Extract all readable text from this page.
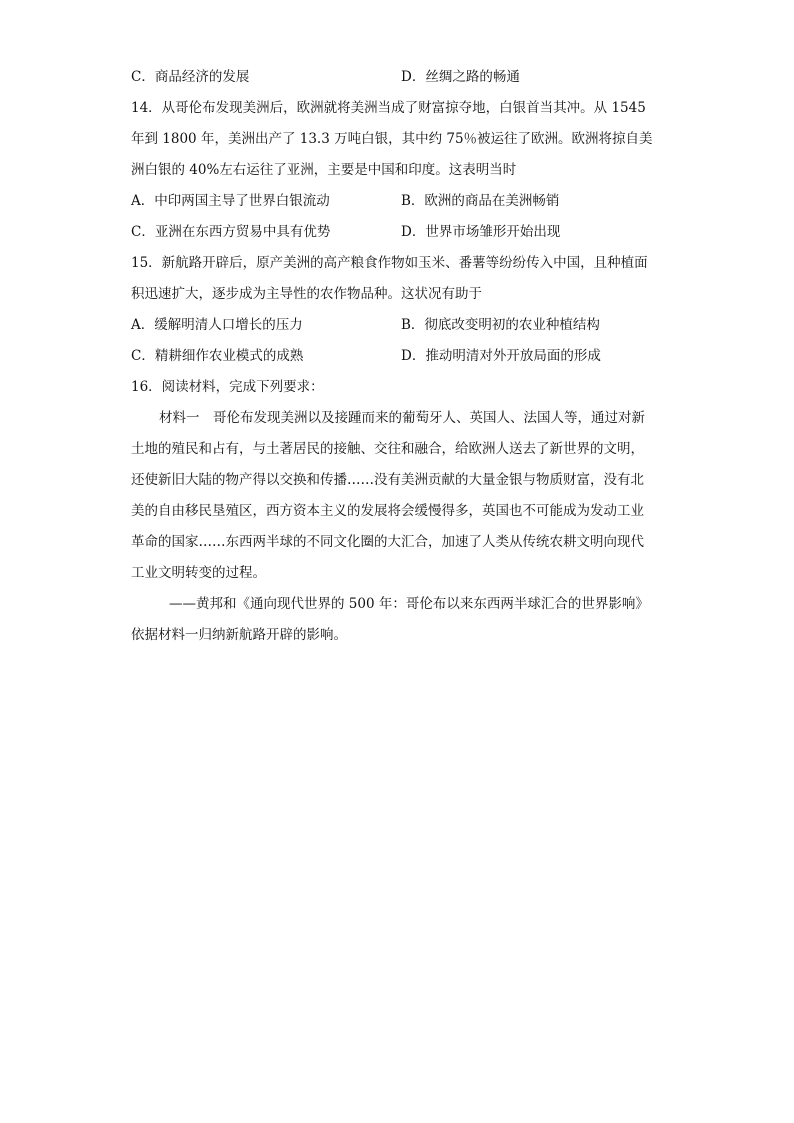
C．商品经济的发展	D．丝绸之路的畅通
14．从哥伦布发现美洲后，欧洲就将美洲当成了财富掠夺地，白银首当其冲。从 1545
年到 1800 年，美洲出产了 13.3 万吨白银，其中约 75％被运往了欧洲。欧洲将掠自美
洲白银的 40%左右运往了亚洲，主要是中国和印度。这表明当时
A．中印两国主导了世界白银流动	B．欧洲的商品在美洲畅销
C．亚洲在东西方贸易中具有优势	D．世界市场雏形开始出现
15．新航路开辟后，原产美洲的高产粮食作物如玉米、番薯等纷纷传入中国，且种植面
积迅速扩大，逐步成为主导性的农作物品种。这状况有助于
A．缓解明清人口增长的压力	B．彻底改变明初的农业种植结构
C．精耕细作农业模式的成熟	D．推动明清对外开放局面的形成
16．阅读材料，完成下列要求：
材料一　哥伦布发现美洲以及接踵而来的葡萄牙人、英国人、法国人等，通过对新
土地的殖民和占有，与土著居民的接触、交往和融合，给欧洲人送去了新世界的文明，
还使新旧大陆的物产得以交换和传播……没有美洲贡献的大量金银与物质财富，没有北
美的自由移民垦殖区，西方资本主义的发展将会缓慢得多，英国也不可能成为发动工业
革命的国家……东西两半球的不同文化圈的大汇合，加速了人类从传统农耕文明向现代
工业文明转变的过程。
——黄邦和《通向现代世界的 500 年：哥伦布以来东西两半球汇合的世界影响》
依据材料一归纳新航路开辟的影响。
